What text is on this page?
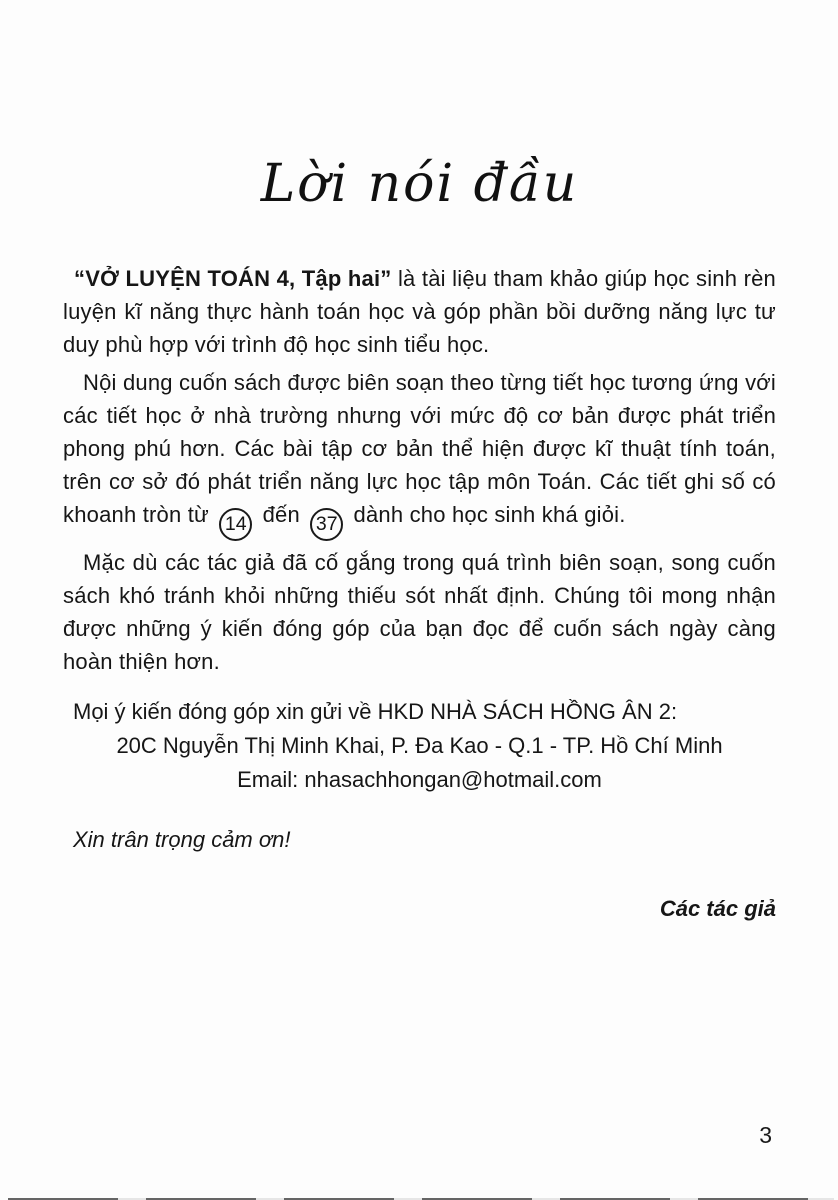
Lời nói đầu

“VỞ LUYỆN TOÁN 4, Tập hai” là tài liệu tham khảo giúp học sinh rèn luyện kĩ năng thực hành toán học và góp phần bồi dưỡng năng lực tư duy phù hợp với trình độ học sinh tiểu học.

Nội dung cuốn sách được biên soạn theo từng tiết học tương ứng với các tiết học ở nhà trường nhưng với mức độ cơ bản được phát triển phong phú hơn. Các bài tập cơ bản thể hiện được kĩ thuật tính toán, trên cơ sở đó phát triển năng lực học tập môn Toán. Các tiết ghi số có khoanh tròn từ 14 đến 37 dành cho học sinh khá giỏi.

Mặc dù các tác giả đã cố gắng trong quá trình biên soạn, song cuốn sách khó tránh khỏi những thiếu sót nhất định. Chúng tôi mong nhận được những ý kiến đóng góp của bạn đọc để cuốn sách ngày càng hoàn thiện hơn.

Mọi ý kiến đóng góp xin gửi về HKD NHÀ SÁCH HỒNG ÂN 2:
20C Nguyễn Thị Minh Khai, P. Đa Kao - Q.1 - TP. Hồ Chí Minh
Email: nhasachhongan@hotmail.com
Xin trân trọng cảm ơn!
Các tác giả
3
